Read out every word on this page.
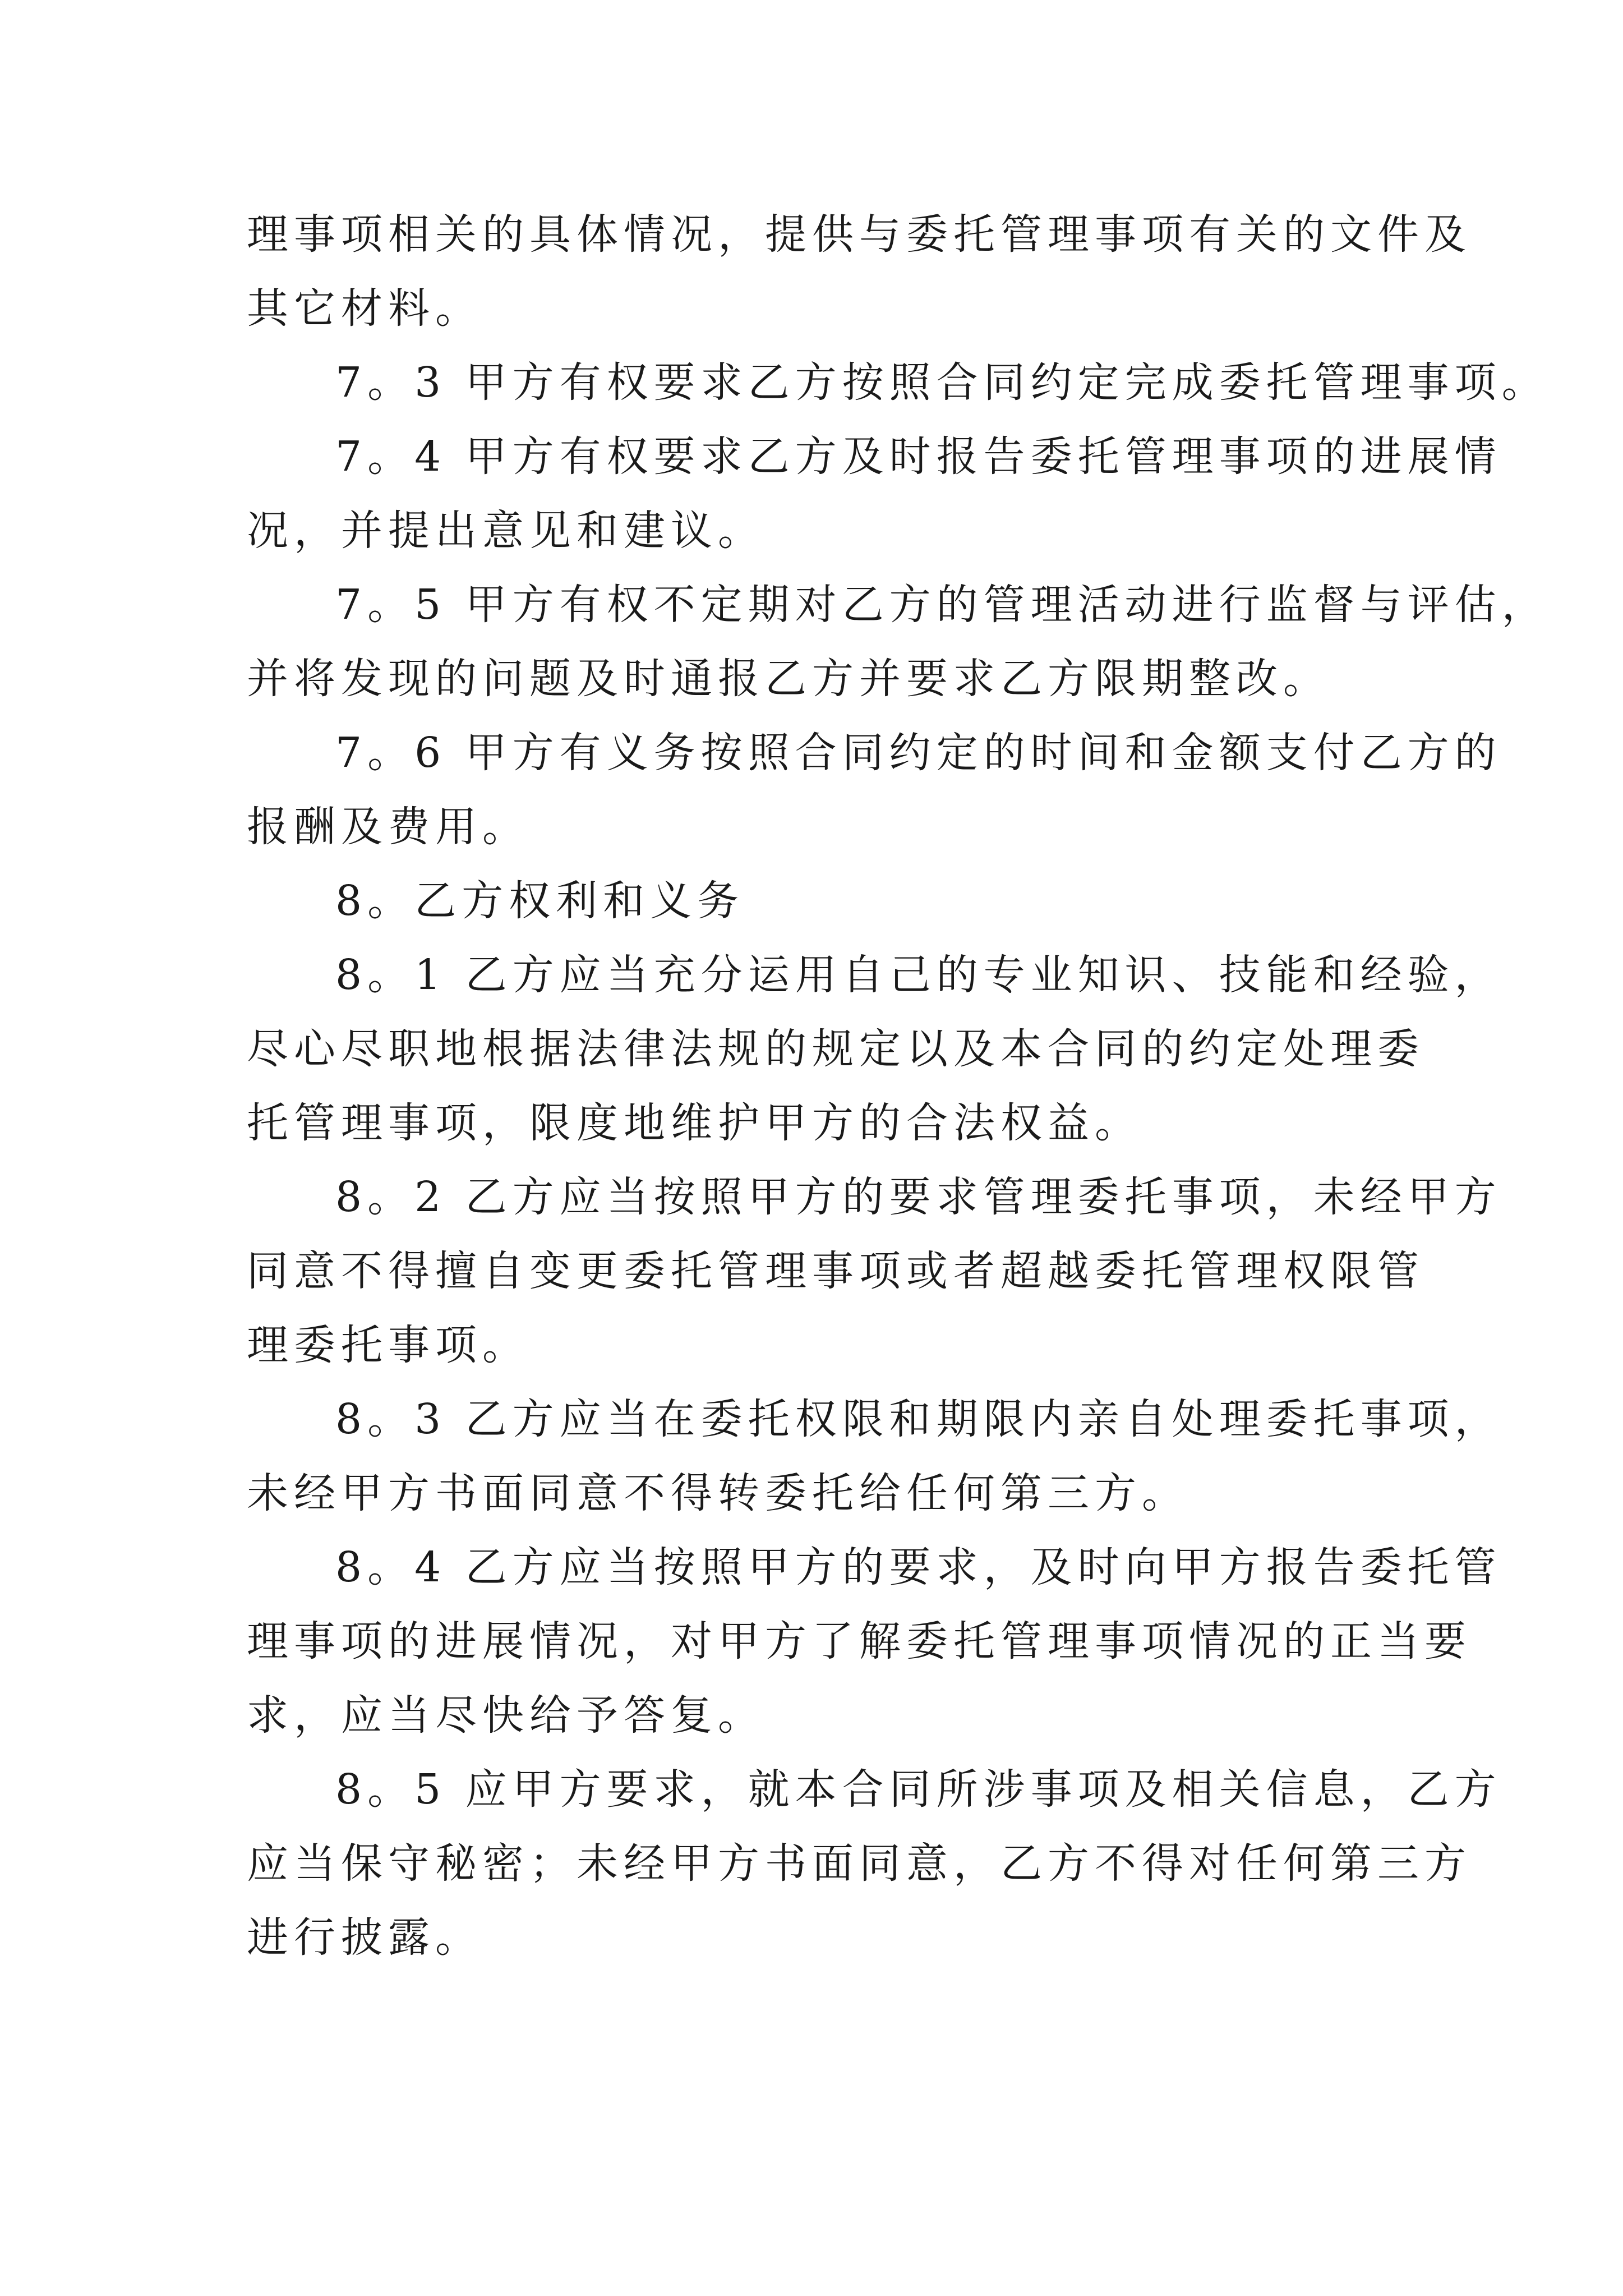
理事项相关的具体情况，提供与委托管理事项有关的文件及
其它材料。
7。3 甲方有权要求乙方按照合同约定完成委托管理事项。
7。4 甲方有权要求乙方及时报告委托管理事项的进展情
况，并提出意见和建议。
7。5 甲方有权不定期对乙方的管理活动进行监督与评估，
并将发现的问题及时通报乙方并要求乙方限期整改。
7。6 甲方有义务按照合同约定的时间和金额支付乙方的
报酬及费用。
8。乙方权利和义务
8。1 乙方应当充分运用自己的专业知识、技能和经验，
尽心尽职地根据法律法规的规定以及本合同的约定处理委
托管理事项，限度地维护甲方的合法权益。
8。2 乙方应当按照甲方的要求管理委托事项，未经甲方
同意不得擅自变更委托管理事项或者超越委托管理权限管
理委托事项。
8。3 乙方应当在委托权限和期限内亲自处理委托事项，
未经甲方书面同意不得转委托给任何第三方。
8。4 乙方应当按照甲方的要求，及时向甲方报告委托管
理事项的进展情况，对甲方了解委托管理事项情况的正当要
求，应当尽快给予答复。
8。5 应甲方要求，就本合同所涉事项及相关信息，乙方
应当保守秘密；未经甲方书面同意，乙方不得对任何第三方
进行披露。
